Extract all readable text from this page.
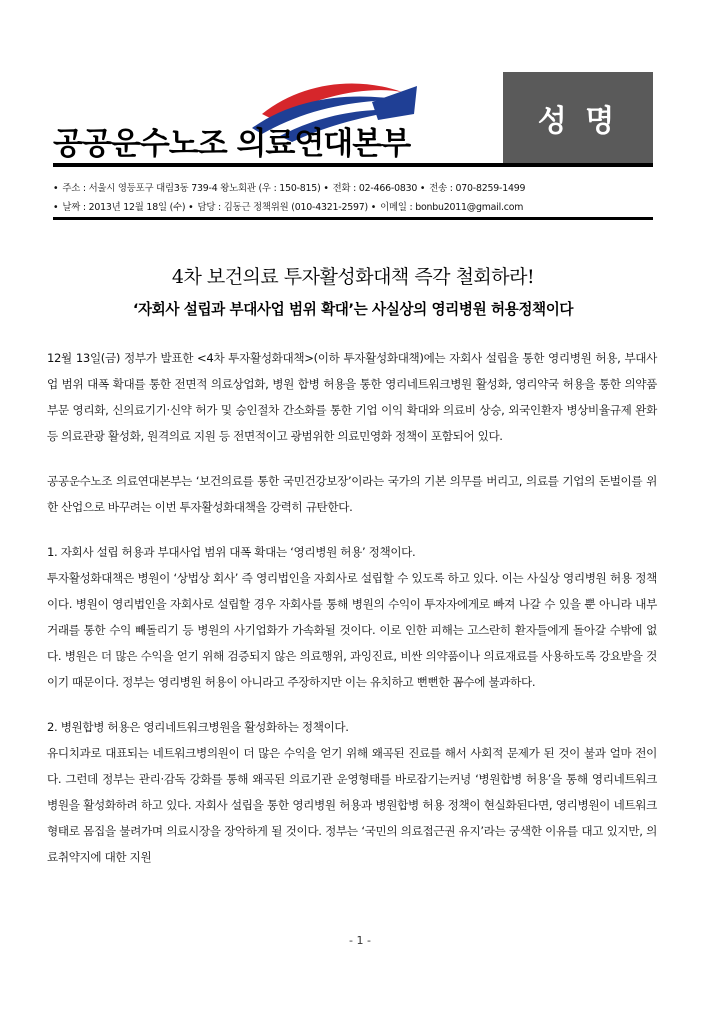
공공운수노조 의료연대본부
성 명
• 주소 : 서울시 영등포구 대림3동 739-4 왕노회관 (우 : 150-815) • 전화 : 02-466-0830 • 전송 : 070-8259-1499
• 날짜 : 2013년 12월 18일 (수) • 담당 : 김동근 정책위원 (010-4321-2597) • 이메일 : bonbu2011@gmail.com
4차 보건의료 투자활성화대책 즉각 철회하라!
‘자회사 설립과 부대사업 범위 확대’는 사실상의 영리병원 허용정책이다

12월 13일(금) 정부가 발표한 <4차 투자활성화대책>(이하 투자활성화대책)에는 자회사 설립을 통한 영리병원 허용, 부대사업 범위 대폭 확대를 통한 전면적 의료상업화, 병원 합병 허용을 통한 영리네트워크병원 활성화, 영리약국 허용을 통한 의약품 부문 영리화, 신의료기기·신약 허가 및 승인절차 간소화를 통한 기업 이익 확대와 의료비 상승, 외국인환자 병상비율규제 완화 등 의료관광 활성화, 원격의료 지원 등 전면적이고 광범위한 의료민영화 정책이 포함되어 있다.

공공운수노조 의료연대본부는 ‘보건의료를 통한 국민건강보장’이라는 국가의 기본 의무를 버리고, 의료를 기업의 돈벌이를 위한 산업으로 바꾸려는 이번 투자활성화대책을 강력히 규탄한다.

1. 자회사 설립 허용과 부대사업 범위 대폭 확대는 ‘영리병원 허용’ 정책이다.

투자활성화대책은 병원이 ‘상법상 회사’ 즉 영리법인을 자회사로 설립할 수 있도록 하고 있다. 이는 사실상 영리병원 허용 정책이다. 병원이 영리법인을 자회사로 설립할 경우 자회사를 통해 병원의 수익이 투자자에게로 빠져 나갈 수 있을 뿐 아니라 내부거래를 통한 수익 빼돌리기 등 병원의 사기업화가 가속화될 것이다. 이로 인한 피해는 고스란히 환자들에게 돌아갈 수밖에 없다. 병원은 더 많은 수익을 얻기 위해 검증되지 않은 의료행위, 과잉진료, 비싼 의약품이나 의료재료를 사용하도록 강요받을 것이기 때문이다. 정부는 영리병원 허용이 아니라고 주장하지만 이는 유치하고 뻔뻔한 꼼수에 불과하다.

2. 병원합병 허용은 영리네트워크병원을 활성화하는 정책이다.

유디치과로 대표되는 네트워크병의원이 더 많은 수익을 얻기 위해 왜곡된 진료를 해서 사회적 문제가 된 것이 불과 얼마 전이다. 그런데 정부는 관리·감독 강화를 통해 왜곡된 의료기관 운영형태를 바로잡기는커녕 ‘병원합병 허용’을 통해 영리네트워크병원을 활성화하려 하고 있다. 자회사 설립을 통한 영리병원 허용과 병원합병 허용 정책이 현실화된다면, 영리병원이 네트워크 형태로 몸집을 불려가며 의료시장을 장악하게 될 것이다. 정부는 ‘국민의 의료접근권 유지’라는 궁색한 이유를 대고 있지만, 의료취약지에 대한 지원

- 1 -
